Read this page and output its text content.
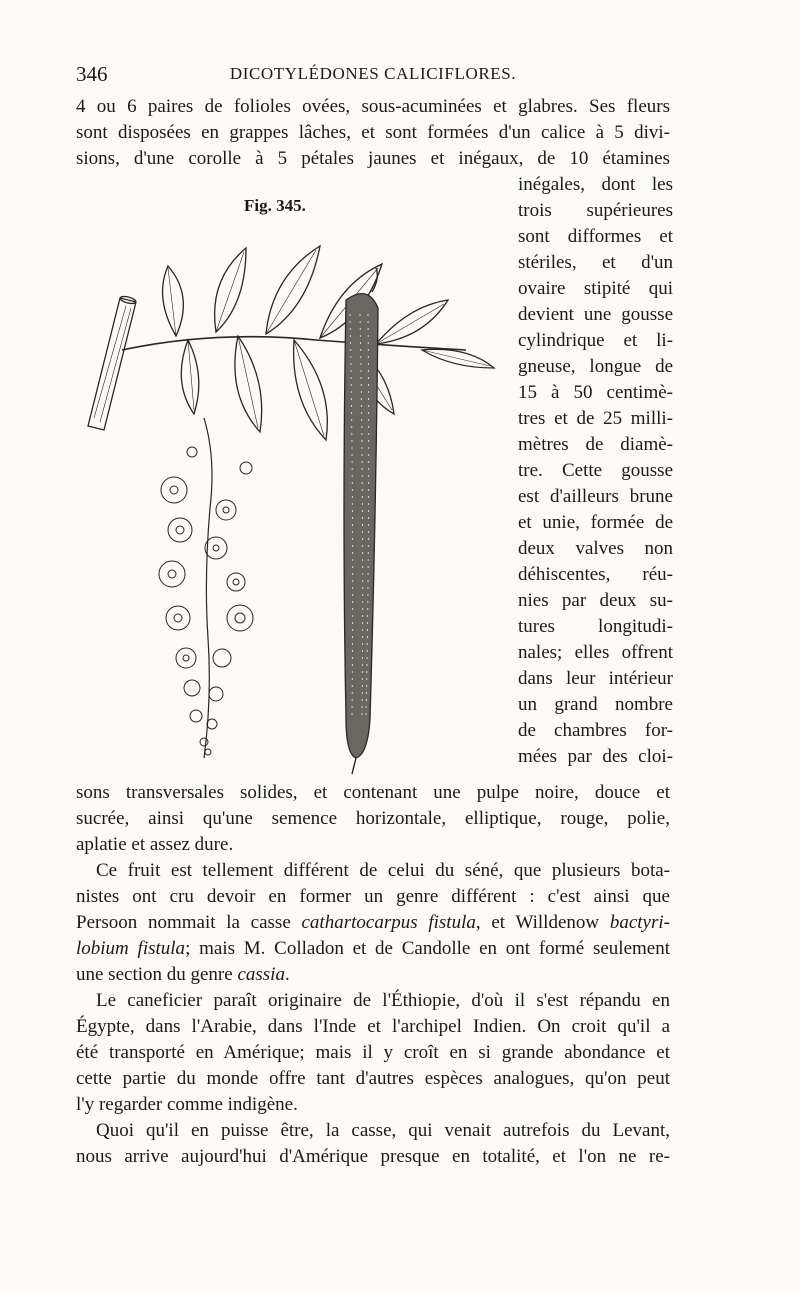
346	DICOTYLÉDONES CALICIFLORES.
4 ou 6 paires de folioles ovées, sous-acuminées et glabres. Ses fleurs
sont disposées en grappes lâches, et sont formées d'un calice à 5 divi-
sions, d'une corolle à 5 pétales jaunes et inégaux, de 10 étamines
Fig. 345.
inégales, dont les
trois supérieures
sont difformes et
stériles, et d'un
ovaire stipité qui
devient une gousse
cylindrique et li-
gneuse, longue de
15 à 50 centimè-
tres et de 25 milli-
mètres de diamè-
tre. Cette gousse
est d'ailleurs brune
et unie, formée de
deux valves non
déhiscentes, réu-
nies par deux su-
tures longitudi-
nales; elles offrent
dans leur intérieur
un grand nombre
de chambres for-
mées par des cloi-
sons transversales solides, et contenant une pulpe noire, douce et
sucrée, ainsi qu'une semence horizontale, elliptique, rouge, polie,
aplatie et assez dure.
Ce fruit est tellement différent de celui du séné, que plusieurs bota-
nistes ont cru devoir en former un genre différent : c'est ainsi que
Persoon nommait la casse cathartocarpus fistula, et Willdenow bactyri-
lobium fistula; mais M. Colladon et de Candolle en ont formé seulement
une section du genre cassia.
Le caneficier paraît originaire de l'Éthiopie, d'où il s'est répandu en
Égypte, dans l'Arabie, dans l'Inde et l'archipel Indien. On croit qu'il a
été transporté en Amérique; mais il y croît en si grande abondance et
cette partie du monde offre tant d'autres espèces analogues, qu'on peut
l'y regarder comme indigène.
Quoi qu'il en puisse être, la casse, qui venait autrefois du Levant,
nous arrive aujourd'hui d'Amérique presque en totalité, et l'on ne re-
